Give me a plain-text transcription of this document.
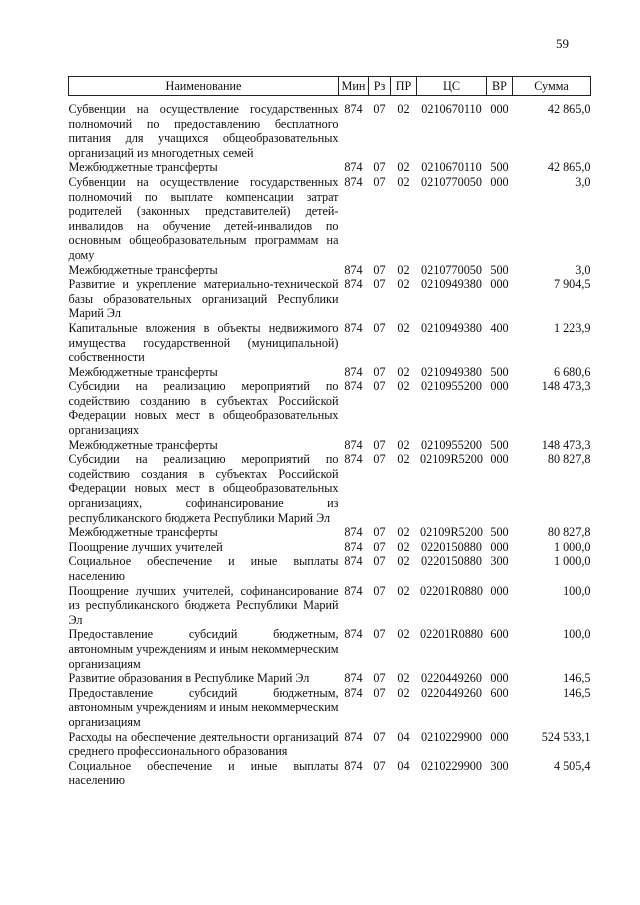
59
Наименование	Мин	Рз	ПР	ЦС	ВР	Сумма
Субвенции на осуществление государственных полномочий по предоставлению бесплатного питания для учащихся общеобразовательных организаций из многодетных семей	874	07	02	0210670110	000	42 865,0
Межбюджетные трансферты	874	07	02	0210670110	500	42 865,0
Субвенции на осуществление государственных полномочий по выплате компенсации затрат родителей (законных представителей) детей-инвалидов на обучение детей-инвалидов по основным общеобразовательным программам на дому	874	07	02	0210770050	000	3,0
Межбюджетные трансферты	874	07	02	0210770050	500	3,0
Развитие и укрепление материально-технической базы образовательных организаций Республики Марий Эл	874	07	02	0210949380	000	7 904,5
Капитальные вложения в объекты недвижимого имущества государственной (муниципальной) собственности	874	07	02	0210949380	400	1 223,9
Межбюджетные трансферты	874	07	02	0210949380	500	6 680,6
Субсидии на реализацию мероприятий по содействию созданию в субъектах Российской Федерации новых мест в общеобразовательных организациях	874	07	02	0210955200	000	148 473,3
Межбюджетные трансферты	874	07	02	0210955200	500	148 473,3
Субсидии на реализацию мероприятий по содействию создания в субъектах Российской Федерации новых мест в общеобразовательных организациях, софинансирование из республиканского бюджета Республики Марий Эл	874	07	02	02109R5200	000	80 827,8
Межбюджетные трансферты	874	07	02	02109R5200	500	80 827,8
Поощрение лучших учителей	874	07	02	0220150880	000	1 000,0
Социальное обеспечение и иные выплаты населению	874	07	02	0220150880	300	1 000,0
Поощрение лучших учителей, софинансирование из республиканского бюджета Республики Марий Эл	874	07	02	02201R0880	000	100,0
Предоставление субсидий бюджетным, автономным учреждениям и иным некоммерческим организациям	874	07	02	02201R0880	600	100,0
Развитие образования в Республике Марий Эл	874	07	02	0220449260	000	146,5
Предоставление субсидий бюджетным, автономным учреждениям и иным некоммерческим организациям	874	07	02	0220449260	600	146,5
Расходы на обеспечение деятельности организаций среднего профессионального образования	874	07	04	0210229900	000	524 533,1
Социальное обеспечение и иные выплаты населению	874	07	04	0210229900	300	4 505,4
